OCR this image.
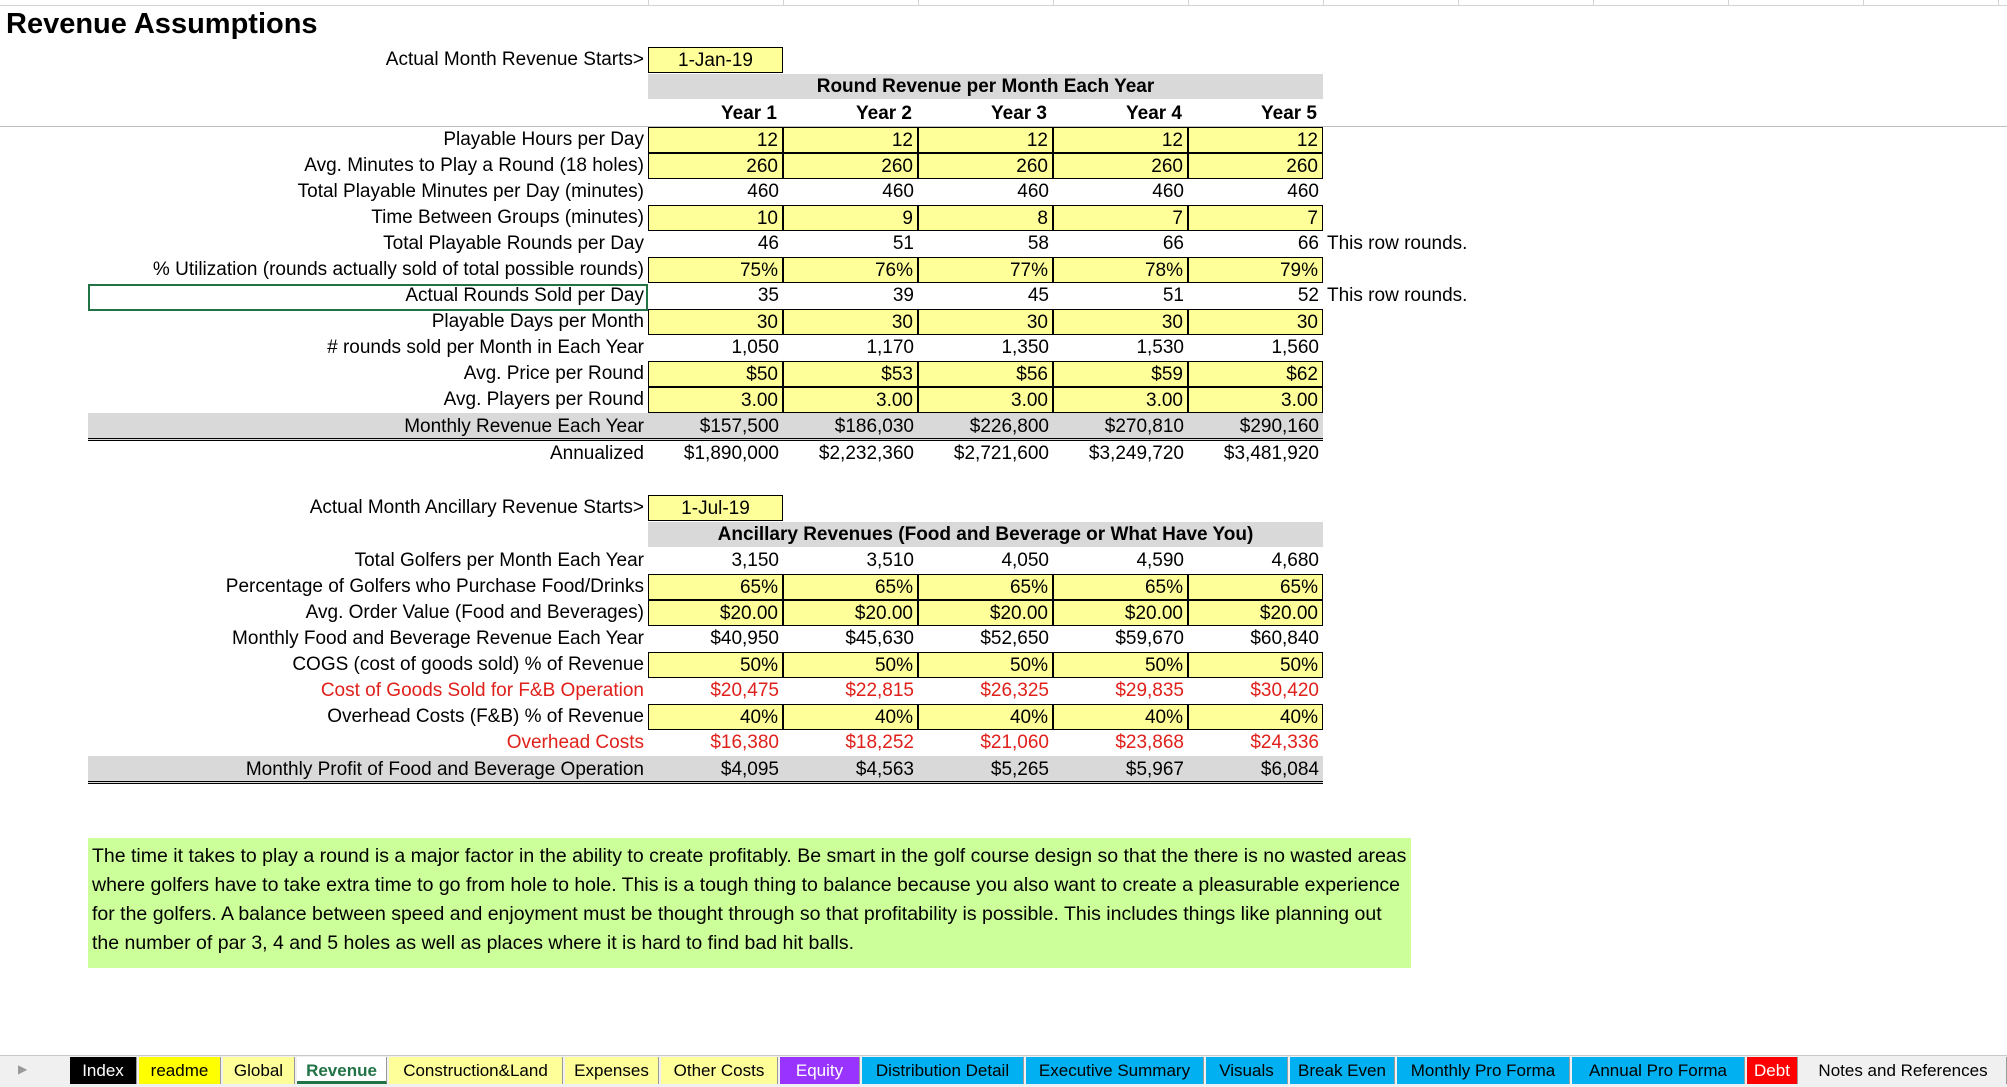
Revenue Assumptions
Actual Month Revenue Starts>	1-Jan-19
Round Revenue per Month Each Year
Year 1	Year 2	Year 3	Year 4	Year 5
Playable Hours per Day	12	12	12	12	12
Avg. Minutes to Play a Round (18 holes)	260	260	260	260	260
Total Playable Minutes per Day (minutes)	460	460	460	460	460
Time Between Groups (minutes)	10	9	8	7	7
Total Playable Rounds per Day	46	51	58	66	66 This row rounds.
% Utilization (rounds actually sold of total possible rounds)	75%	76%	77%	78%	79%
Actual Rounds Sold per Day	35	39	45	51	52 This row rounds.
Playable Days per Month	30	30	30	30	30
# rounds sold per Month in Each Year	1,050	1,170	1,350	1,530	1,560
Avg. Price per Round	$50	$53	$56	$59	$62
Avg. Players per Round	3.00	3.00	3.00	3.00	3.00
Monthly Revenue Each Year	$157,500	$186,030	$226,800	$270,810	$290,160
Annualized	$1,890,000	$2,232,360	$2,721,600	$3,249,720	$3,481,920
Actual Month Ancillary Revenue Starts>	1-Jul-19
Ancillary Revenues (Food and Beverage or What Have You)
Total Golfers per Month Each Year	3,150	3,510	4,050	4,590	4,680
Percentage of Golfers who Purchase Food/Drinks	65%	65%	65%	65%	65%
Avg. Order Value (Food and Beverages)	$20.00	$20.00	$20.00	$20.00	$20.00
Monthly Food and Beverage Revenue Each Year	$40,950	$45,630	$52,650	$59,670	$60,840
COGS (cost of goods sold) % of Revenue	50%	50%	50%	50%	50%
Cost of Goods Sold for F&B Operation	$20,475	$22,815	$26,325	$29,835	$30,420
Overhead Costs (F&B) % of Revenue	40%	40%	40%	40%	40%
Overhead Costs	$16,380	$18,252	$21,060	$23,868	$24,336
Monthly Profit of Food and Beverage Operation	$4,095	$4,563	$5,265	$5,967	$6,084
The time it takes to play a round is a major factor in the ability to create profitably. Be smart in the golf course design so that the there is no wasted areas where golfers have to take extra time to go from hole to hole. This is a tough thing to balance because you also want to create a pleasurable experience for the golfers. A balance between speed and enjoyment must be thought through so that profitability is possible. This includes things like planning out the number of par 3, 4 and 5 holes as well as places where it is hard to find bad hit balls.
▶	Index	readme	Global	Revenue	Construction&Land	Expenses	Other Costs	Equity	Distribution Detail	Executive Summary	Visuals	Break Even	Monthly Pro Forma	Annual Pro Forma	Debt	Notes and References
